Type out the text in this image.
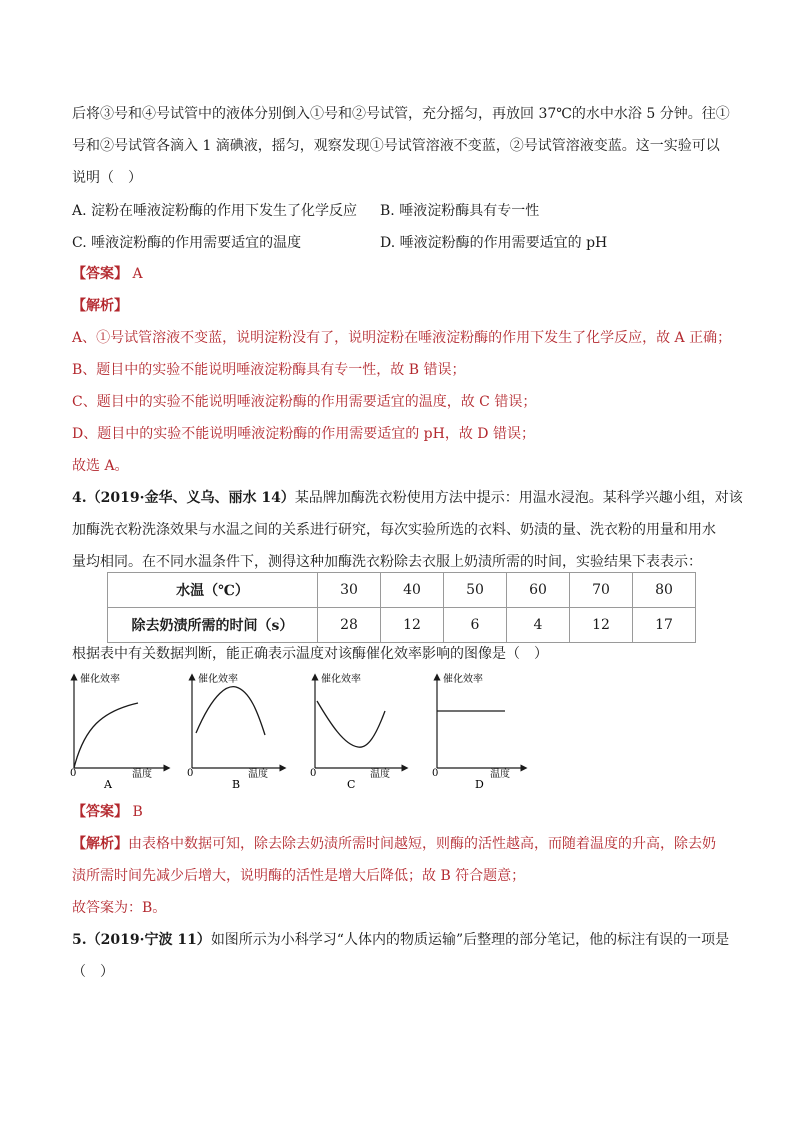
后将③号和④号试管中的液体分别倒入①号和②号试管，充分摇匀，再放回 37℃的水中水浴 5 分钟。往①

号和②号试管各滴入 1 滴碘液，摇匀，观察发现①号试管溶液不变蓝，②号试管溶液变蓝。这一实验可以

说明（　）

A. 淀粉在唾液淀粉酶的作用下发生了化学反应 B. 唾液淀粉酶具有专一性
C. 唾液淀粉酶的作用需要适宜的温度	D. 唾液淀粉酶的作用需要适宜的 pH

【答案】 A

【解析】

A、①号试管溶液不变蓝，说明淀粉没有了，说明淀粉在唾液淀粉酶的作用下发生了化学反应，故 A 正确；

B、题目中的实验不能说明唾液淀粉酶具有专一性，故 B 错误；

C、题目中的实验不能说明唾液淀粉酶的作用需要适宜的温度，故 C 错误；

D、题目中的实验不能说明唾液淀粉酶的作用需要适宜的 pH，故 D 错误；

故选 A。

4.（2019·金华、义乌、丽水 14）某品牌加酶洗衣粉使用方法中提示：用温水浸泡。某科学兴趣小组，对该

加酶洗衣粉洗涤效果与水温之间的关系进行研究，每次实验所选的衣料、奶渍的量、洗衣粉的用量和用水

量均相同。在不同水温条件下，测得这种加酶洗衣粉除去衣服上奶渍所需的时间，实验结果下表表示：

水温（℃）	30	40	50	60	70	80
除去奶渍所需的时间（s）	28	12	6	4	12	17

根据表中有关数据判断，能正确表示温度对该酶催化效率影响的图像是（　）

催化效率
0	温度
A
催化效率
0	温度
B
催化效率
0	温度
C
催化效率
0	温度
D

【答案】 B

【解析】由表格中数据可知，除去除去奶渍所需时间越短，则酶的活性越高，而随着温度的升高，除去奶

渍所需时间先减少后增大，说明酶的活性是增大后降低；故 B 符合题意；

故答案为：B。

5.（2019·宁波 11）如图所示为小科学习“人体内的物质运输”后整理的部分笔记，他的标注有误的一项是

（　）
